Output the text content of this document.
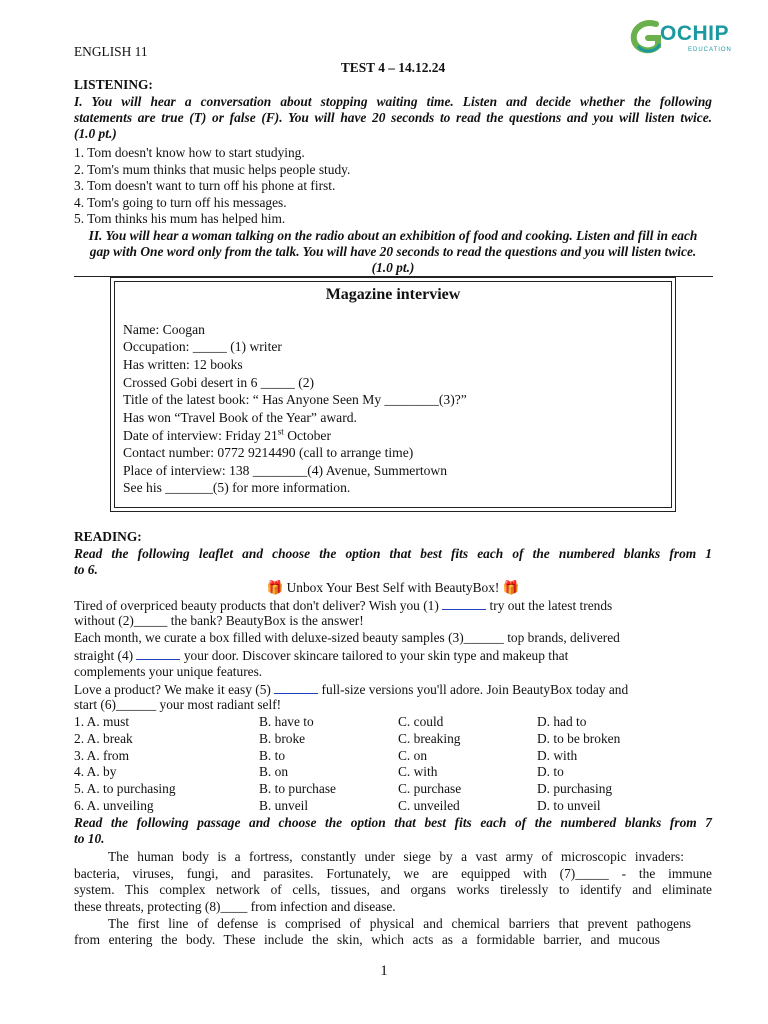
ENGLISH 11
TEST 4 – 14.12.24
OCHIP
EDUCATION
LISTENING:
I. You will hear a conversation about stopping waiting time. Listen and decide whether the following
statements are true (T) or false (F). You will have 20 seconds to read the questions and you will listen twice.
(1.0 pt.)
1. Tom doesn't know how to start studying.
2. Tom's mum thinks that music helps people study.
3. Tom doesn't want to turn off his phone at first.
4. Tom's going to turn off his messages.
5. Tom thinks his mum has helped him.
II. You will hear a woman talking on the radio about an exhibition of food and cooking. Listen and fill in each
gap with One word only from the talk. You will have 20 seconds to read the questions and you will listen twice.
(1.0 pt.)
Magazine interview
Name: Coogan
Occupation: _____ (1) writer
Has written: 12 books
Crossed Gobi desert in 6 _____ (2)
Title of the latest book: “ Has Anyone Seen My ________(3)?”
Has won “Travel Book of the Year” award.
Date of interview: Friday 21st October
Contact number: 0772 9214490 (call to arrange time)
Place of interview: 138 ________(4) Avenue, Summertown
See his _______(5) for more information.
READING:
Read the following leaflet and choose the option that best fits each of the numbered blanks from 1
to 6.
🎁 Unbox Your Best Self with BeautyBox! 🎁
Tired of overpriced beauty products that don't deliver? Wish you (1)	try out the latest trends
without (2)_____ the bank? BeautyBox is the answer!
Each month, we curate a box filled with deluxe-sized beauty samples (3)______ top brands, delivered
straight (4)	your door. Discover skincare tailored to your skin type and makeup that
complements your unique features.
Love a product? We make it easy (5)	full-size versions you'll adore. Join BeautyBox today and
start (6)______ your most radiant self!
1. A. must	B. have to	C. could	D. had to
2. A. break	B. broke	C. breaking	D. to be broken
3. A. from	B. to	C. on	D. with
4. A. by	B. on	C. with	D. to
5. A. to purchasing	B. to purchase	C. purchase	D. purchasing
6. A. unveiling	B. unveil	C. unveiled	D. to unveil
Read the following passage and choose the option that best fits each of the numbered blanks from 7
to 10.
The human body is a fortress, constantly under siege by a vast army of microscopic invaders:
bacteria, viruses, fungi, and parasites. Fortunately, we are equipped with (7)_____ - the immune
system. This complex network of cells, tissues, and organs works tirelessly to identify and eliminate
these threats, protecting (8)____ from infection and disease.
The first line of defense is comprised of physical and chemical barriers that prevent pathogens
from entering the body. These include the skin, which acts as a formidable barrier, and mucous
1
